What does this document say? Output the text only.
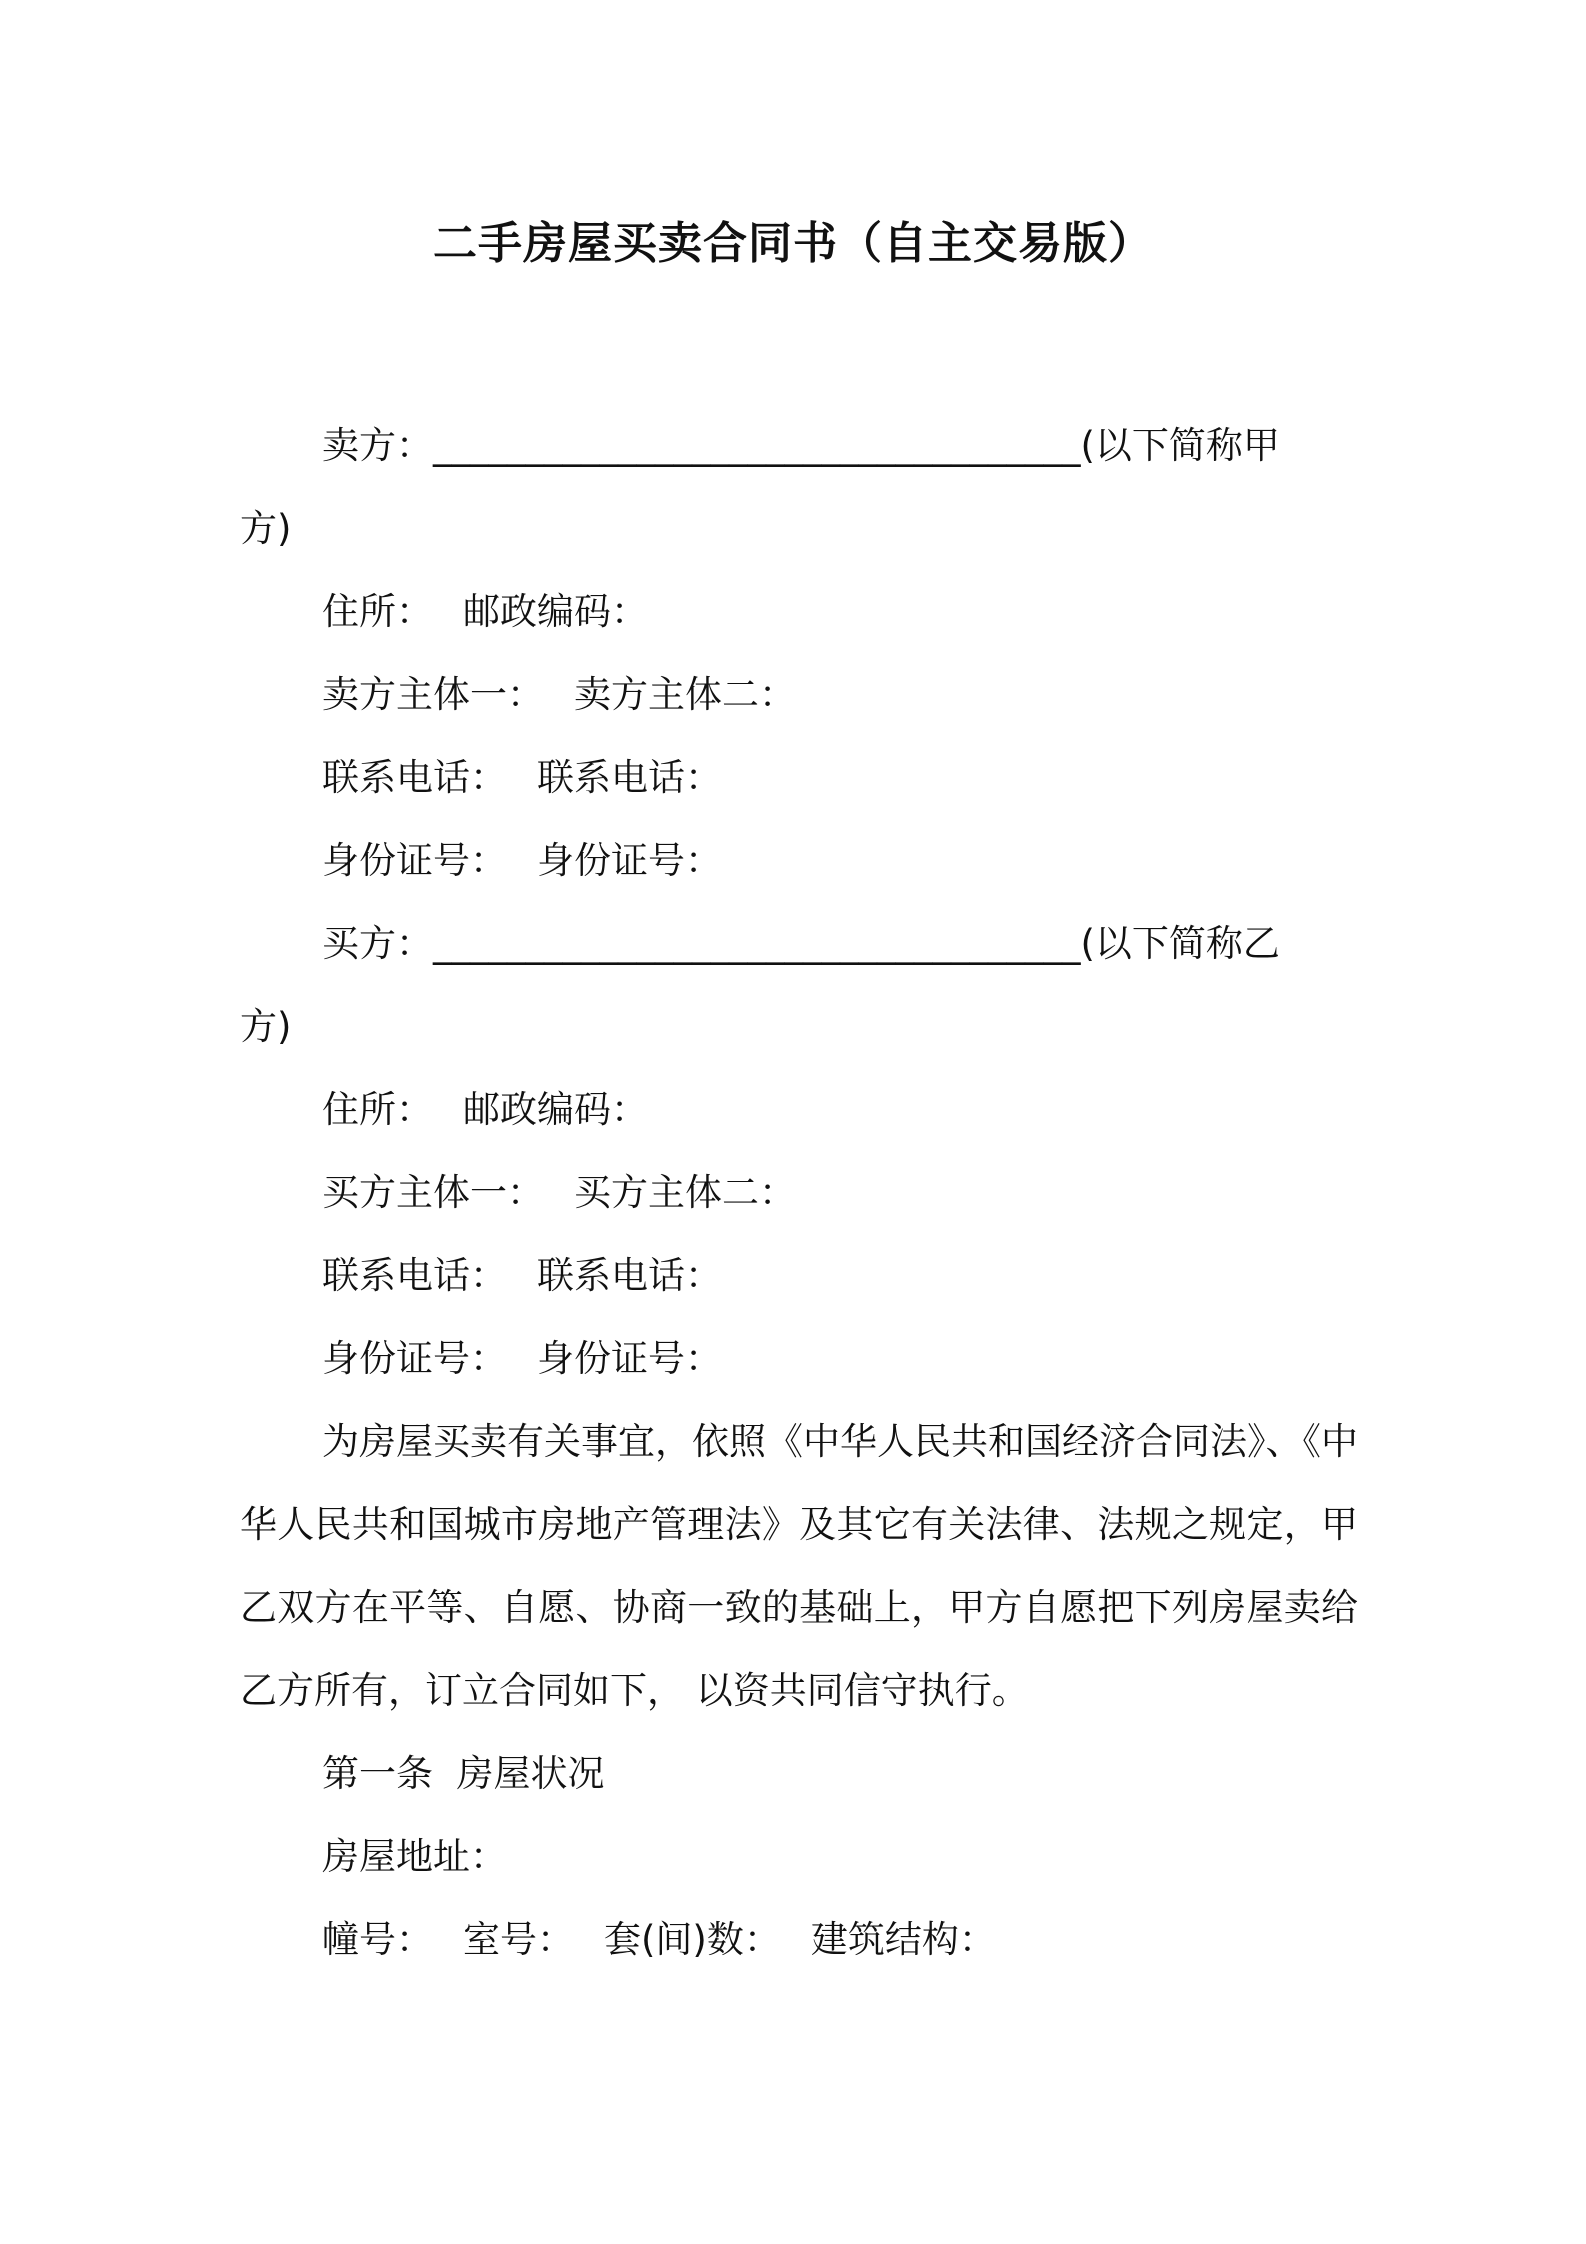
二手房屋买卖合同书（自主交易版）
卖方： ___________________________________ (以下简称甲
方)
住所： 邮政编码：
卖方主体一： 卖方主体二：
联系电话： 联系电话：
身份证号： 身份证号：
买方： ___________________________________ (以下简称乙
方)
住所： 邮政编码：
买方主体一： 买方主体二：
联系电话： 联系电话：
身份证号： 身份证号：
为房屋买卖有关事宜，依照《中华人民共和国经济合同法》、《中华人民共和国城市房地产管理法》及其它有关法律、法规之规定，甲乙双方在平等、自愿、协商一致的基础上，甲方自愿把下列房屋卖给乙方所有，订立合同如下， 以资共同信守执行。
第一条  房屋状况
房屋地址：
幢号： 室号： 套(间)数： 建筑结构：
